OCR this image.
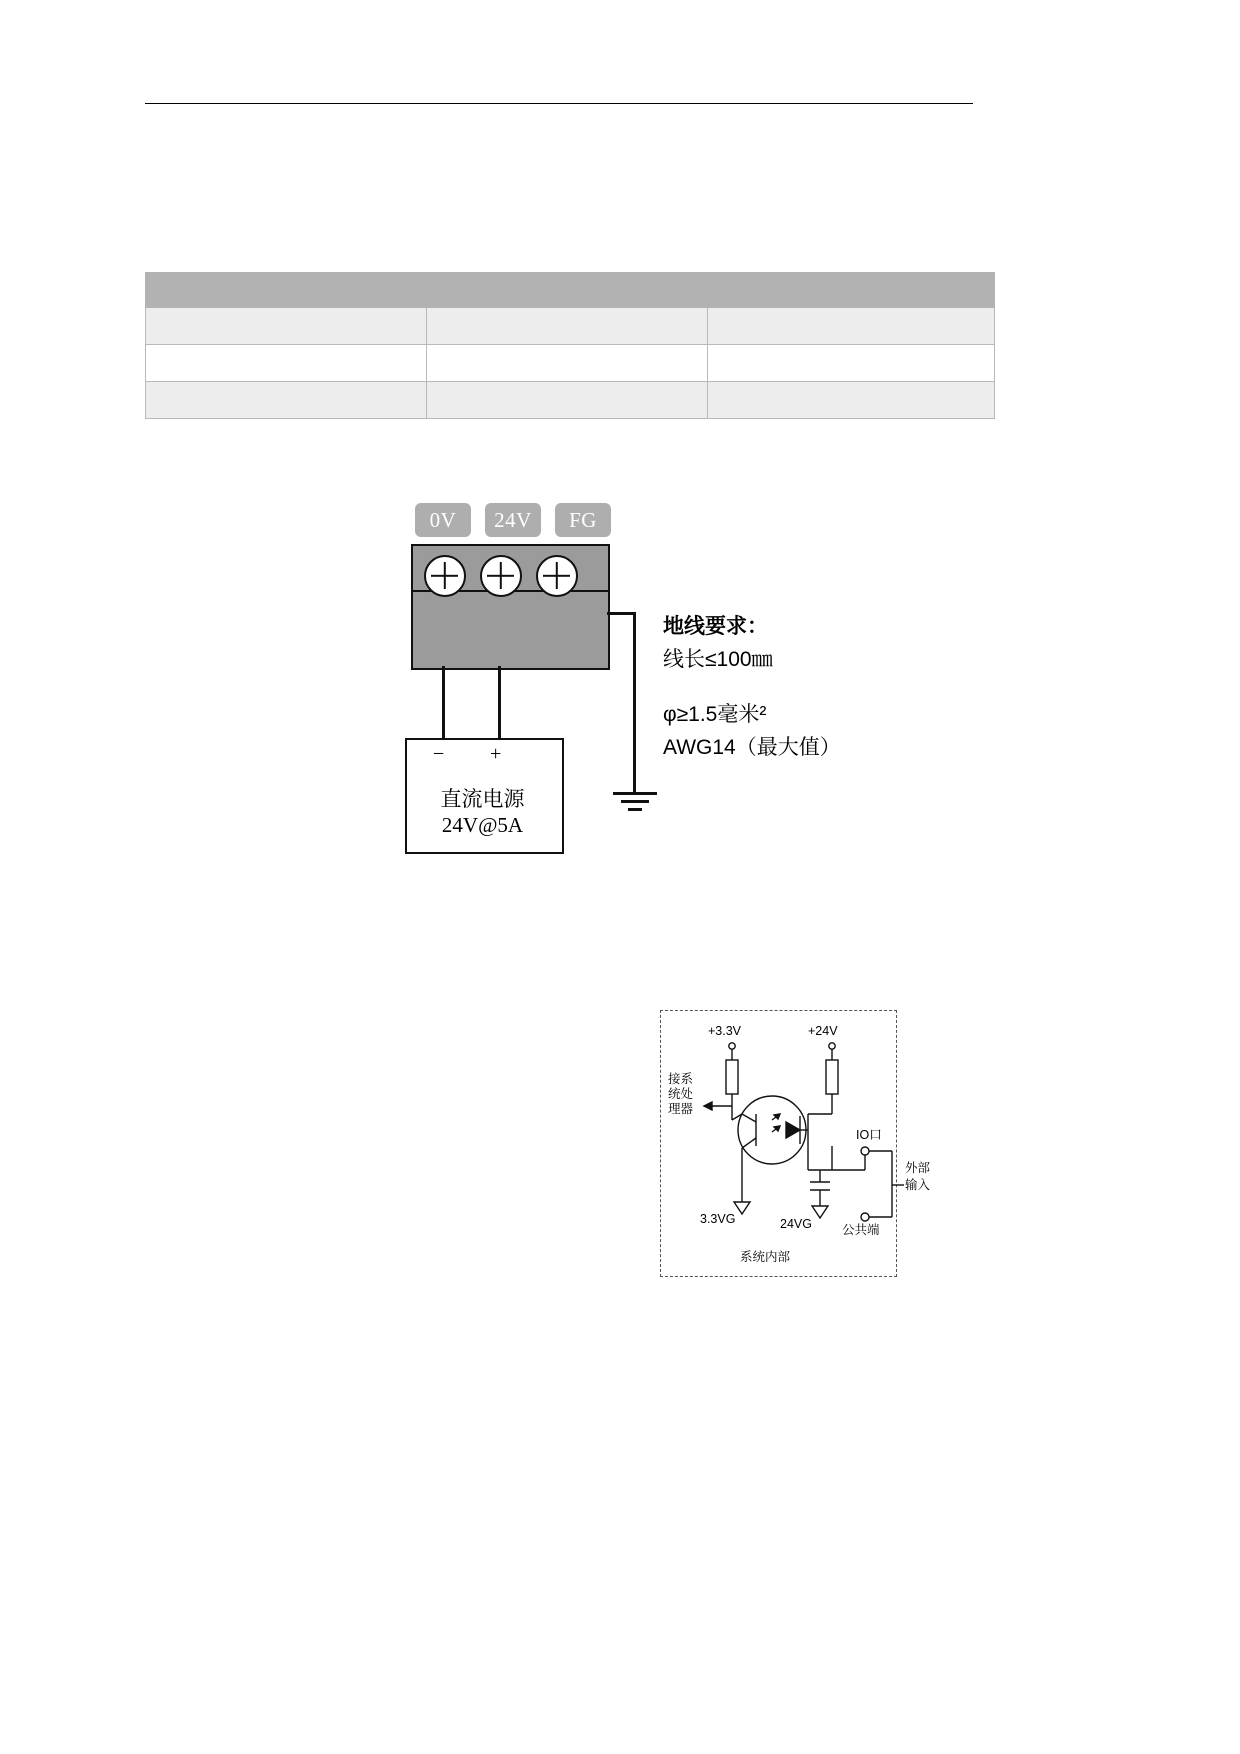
0V	24V	FG
− +
直流电源
24V@5A
地线要求：
线长≤100㎜
φ≥1.5毫米²
AWG14（最大值）
+3.3V	+24V
接系
统处
理器
3.3VG	24VG
IO口
公共端
外部
输入
系统内部
